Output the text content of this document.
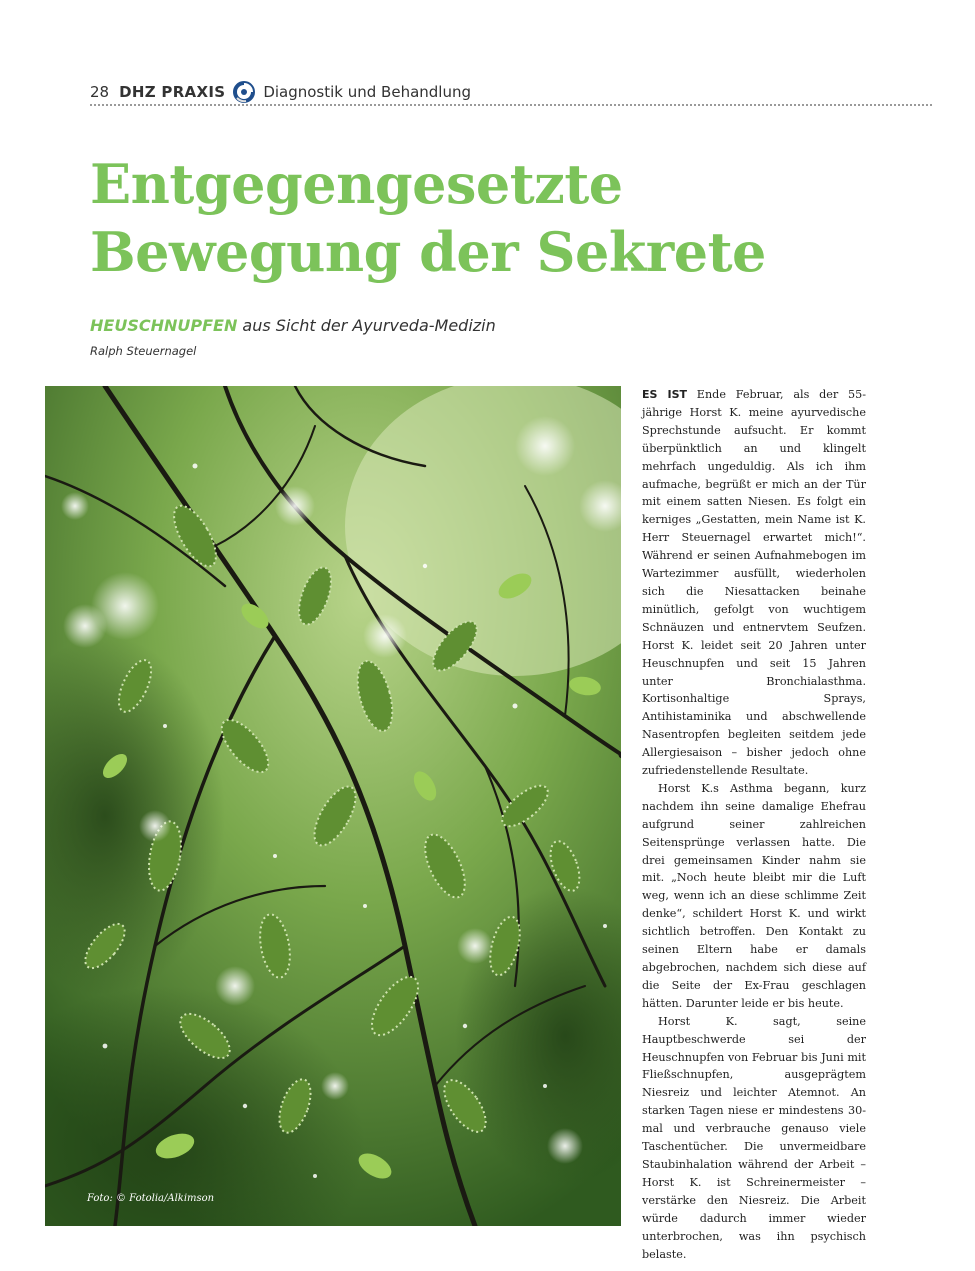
28 DHZ PRAXIS	Diagnostik und Behandlung
Entgegengesetzte
Bewegung der Sekrete
HEUSCHNUPFEN aus Sicht der Ayurveda-Medizin
Ralph Steuernagel
Foto: © Fotolia/Alkimson

ES IST Ende Februar, als der 55-jährige Horst K. meine ayurvedische Sprechstunde aufsucht. Er kommt überpünktlich an und klingelt mehrfach ungeduldig. Als ich ihm aufmache, begrüßt er mich an der Tür mit einem satten Niesen. Es folgt ein kerniges „Gestatten, mein Name ist K. Herr Steuernagel erwartet mich!“. Während er seinen Aufnahmebogen im Wartezimmer ausfüllt, wiederholen sich die Niesattacken beinahe minütlich, gefolgt von wuchtigem Schnäuzen und entnervtem Seufzen. Horst K. leidet seit 20 Jahren unter Heuschnupfen und seit 15 Jahren unter Bronchialasthma. Kortisonhaltige Sprays, Antihistaminika und abschwellende Nasentropfen begleiten seitdem jede Allergiesaison – bisher jedoch ohne zufriedenstellende Resultate.

Horst K.s Asthma begann, kurz nachdem ihn seine damalige Ehefrau aufgrund seiner zahlreichen Seitensprünge verlassen hatte. Die drei gemeinsamen Kinder nahm sie mit. „Noch heute bleibt mir die Luft weg, wenn ich an diese schlimme Zeit denke“, schildert Horst K. und wirkt sichtlich betroffen. Den Kontakt zu seinen Eltern habe er damals abgebrochen, nachdem sich diese auf die Seite der Ex-Frau geschlagen hätten. Darunter leide er bis heute.

Horst K. sagt, seine Hauptbeschwerde sei der Heuschnupfen von Februar bis Juni mit Fließschnupfen, ausgeprägtem Niesreiz und leichter Atemnot. An starken Tagen niese er mindestens 30-mal und verbrauche genauso viele Taschentücher. Die unvermeidbare Staubinhalation während der Arbeit – Horst K. ist Schreinermeister – verstärke den Niesreiz. Die Arbeit würde dadurch immer wieder unterbrochen, was ihn psychisch belaste.
